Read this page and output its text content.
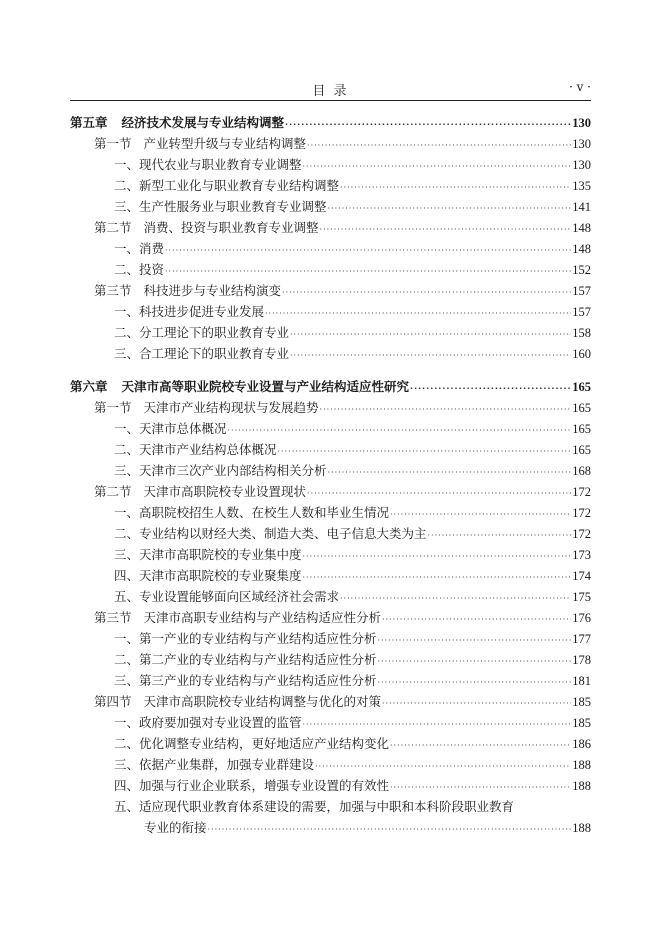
目 录	· v ·
第五章 经济技术发展与专业结构调整 ·····	130
第一节 产业转型升级与专业结构调整 ·····	130
一、现代农业与职业教育专业调整 ·····	130
二、新型工业化与职业教育专业结构调整 ·····	135
三、生产性服务业与职业教育专业调整 ·····	141
第二节 消费、投资与职业教育专业调整 ·····	148
一、消费 ·····	148
二、投资 ·····	152
第三节 科技进步与专业结构演变 ·····	157
一、科技进步促进专业发展 ·····	157
二、分工理论下的职业教育专业 ·····	158
三、合工理论下的职业教育专业 ·····	160
第六章 天津市高等职业院校专业设置与产业结构适应性研究 ·····	165
第一节 天津市产业结构现状与发展趋势 ·····	165
一、天津市总体概况 ·····	165
二、天津市产业结构总体概况 ·····	165
三、天津市三次产业内部结构相关分析 ·····	168
第二节 天津市高职院校专业设置现状 ·····	172
一、高职院校招生人数、在校生人数和毕业生情况 ·····	172
二、专业结构以财经大类、制造大类、电子信息大类为主 ·····	172
三、天津市高职院校的专业集中度 ·····	173
四、天津市高职院校的专业聚集度 ·····	174
五、专业设置能够面向区域经济社会需求 ·····	175
第三节 天津市高职专业结构与产业结构适应性分析 ·····	176
一、第一产业的专业结构与产业结构适应性分析 ·····	177
二、第二产业的专业结构与产业结构适应性分析 ·····	178
三、第三产业的专业结构与产业结构适应性分析 ·····	181
第四节 天津市高职院校专业结构调整与优化的对策 ·····	185
一、政府要加强对专业设置的监管 ·····	185
二、优化调整专业结构，更好地适应产业结构变化 ·····	186
三、依据产业集群，加强专业群建设 ·····	188
四、加强与行业企业联系，增强专业设置的有效性 ·····	188
五、适应现代职业教育体系建设的需要，加强与中职和本科阶段职业教育
专业的衔接 ·····	188
